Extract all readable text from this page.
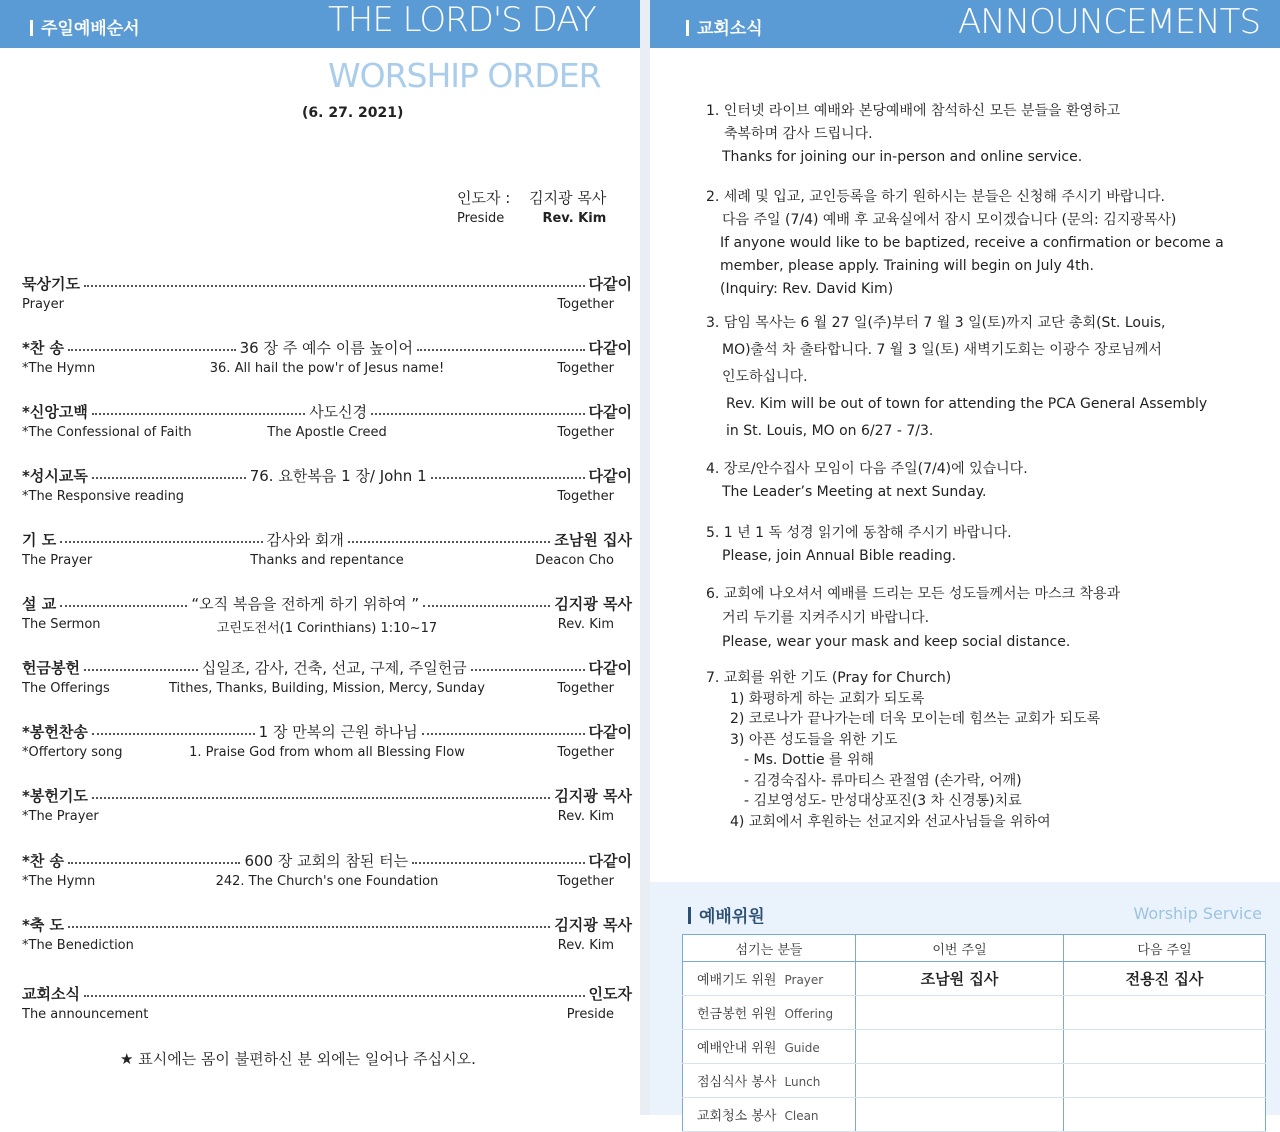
주일예배순서	THE LORD'S DAY
WORSHIP ORDER
(6. 27. 2021)
교회소식	ANNOUNCEMENTS
인도자 : 김지광 목사
Preside	Rev. Kim
묵상기도	다같이
Prayer	Together
*찬 송	36 장 주 예수 이름 높이어	다같이
*The Hymn	36. All hail the pow'r of Jesus name!	Together
*신앙고백	사도신경	다같이
*The Confessional of Faith	The Apostle Creed	Together
*성시교독	76. 요한복음 1 장/ John 1	다같이
*The Responsive reading	Together
기 도	감사와 회개	조남원 집사
The Prayer	Thanks and repentance	Deacon Cho
설 교	“오직 복음을 전하게 하기 위하여 ”	김지광 목사
The Sermon	고린도전서(1 Corinthians) 1:10~17	Rev. Kim
헌금봉헌	십일조, 감사, 건축, 선교, 구제, 주일헌금	다같이
The Offerings	Tithes, Thanks, Building, Mission, Mercy, Sunday	Together
*봉헌찬송	1 장 만복의 근원 하나님	다같이
*Offertory song	1. Praise God from whom all Blessing Flow	Together
*봉헌기도	김지광 목사
*The Prayer	Rev. Kim
*찬 송	600 장 교회의 참된 터는	다같이
*The Hymn	242. The Church's one Foundation	Together
*축 도	김지광 목사
*The Benediction	Rev. Kim
교회소식	인도자
The announcement	Preside
★ 표시에는 몸이 불편하신 분 외에는 일어나 주십시오.
1. 인터넷 라이브 예배와 본당예배에 참석하신 모든 분들을 환영하고
축복하며 감사 드립니다.
Thanks for joining our in-person and online service.
2. 세례 및 입교, 교인등록을 하기 원하시는 분들은 신청해 주시기 바랍니다.
다음 주일 (7/4) 예배 후 교육실에서 잠시 모이겠습니다 (문의: 김지광목사)
If anyone would like to be baptized, receive a confirmation or become a
member, please apply. Training will begin on July 4th.
(Inquiry: Rev. David Kim)
3. 담임 목사는 6 월 27 일(주)부터 7 월 3 일(토)까지 교단 총회(St. Louis,
MO)출석 차 출타합니다. 7 월 3 일(토) 새벽기도회는 이광수 장로님께서
인도하십니다.
Rev. Kim will be out of town for attending the PCA General Assembly
in St. Louis, MO on 6/27 - 7/3.
4. 장로/안수집사 모임이 다음 주일(7/4)에 있습니다.
The Leader’s Meeting at next Sunday.
5. 1 년 1 독 성경 읽기에 동참해 주시기 바랍니다.
Please, join Annual Bible reading.
6. 교회에 나오셔서 예배를 드리는 모든 성도들께서는 마스크 착용과
거리 두기를 지켜주시기 바랍니다.
Please, wear your mask and keep social distance.
7. 교회를 위한 기도 (Pray for Church)
1) 화평하게 하는 교회가 되도록
2) 코로나가 끝나가는데 더욱 모이는데 힘쓰는 교회가 되도록
3) 아픈 성도들을 위한 기도
- Ms. Dottie 를 위해
- 김경숙집사- 류마티스 관절염 (손가락, 어깨)
- 김보영성도- 만성대상포진(3 차 신경통)치료
4) 교회에서 후원하는 선교지와 선교사님들을 위하여
예배위원	Worship Service
섬기는 분들	이번 주일	다음 주일
예배기도 위원 Prayer	조남원 집사	전용진 집사
헌금봉헌 위원 Offering		
예배안내 위원 Guide		
점심식사 봉사 Lunch		
교회청소 봉사 Clean		
